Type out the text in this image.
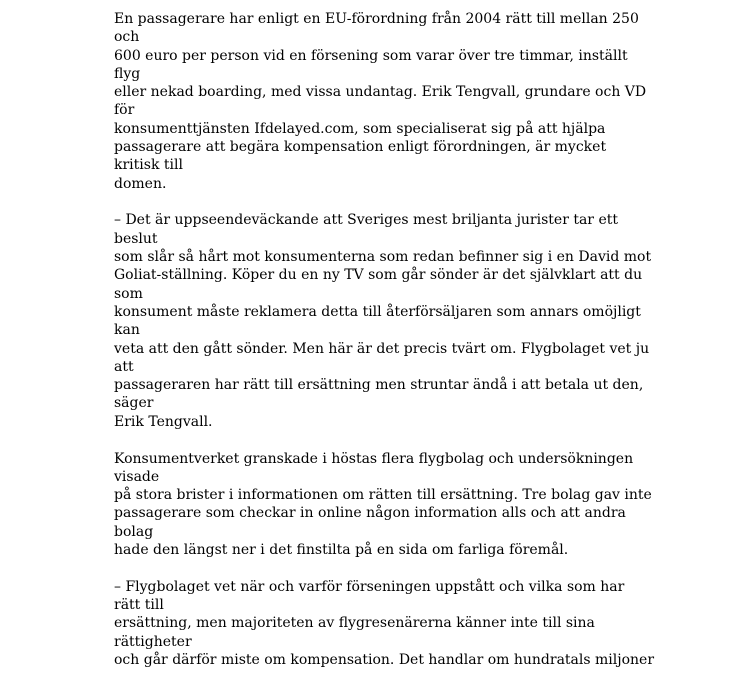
En passagerare har enligt en EU-förordning från 2004 rätt till mellan 250 och
600 euro per person vid en försening som varar över tre timmar, inställt flyg
eller nekad boarding, med vissa undantag. Erik Tengvall, grundare och VD för
konsumenttjänsten Ifdelayed.com, som specialiserat sig på att hjälpa
passagerare att begära kompensation enligt förordningen, är mycket kritisk till
domen.

– Det är uppseendeväckande att Sveriges mest briljanta jurister tar ett beslut
som slår så hårt mot konsumenterna som redan befinner sig i en David mot
Goliat-ställning. Köper du en ny TV som går sönder är det självklart att du som
konsument måste reklamera detta till återförsäljaren som annars omöjligt kan
veta att den gått sönder. Men här är det precis tvärt om. Flygbolaget vet ju att
passageraren har rätt till ersättning men struntar ändå i att betala ut den, säger
Erik Tengvall.

Konsumentverket granskade i höstas flera flygbolag och undersökningen visade
på stora brister i informationen om rätten till ersättning. Tre bolag gav inte
passagerare som checkar in online någon information alls och att andra bolag
hade den längst ner i det finstilta på en sida om farliga föremål.

– Flygbolaget vet när och varför förseningen uppstått och vilka som har rätt till
ersättning, men majoriteten av flygresenärerna känner inte till sina rättigheter
och går därför miste om kompensation. Det handlar om hundratals miljoner
